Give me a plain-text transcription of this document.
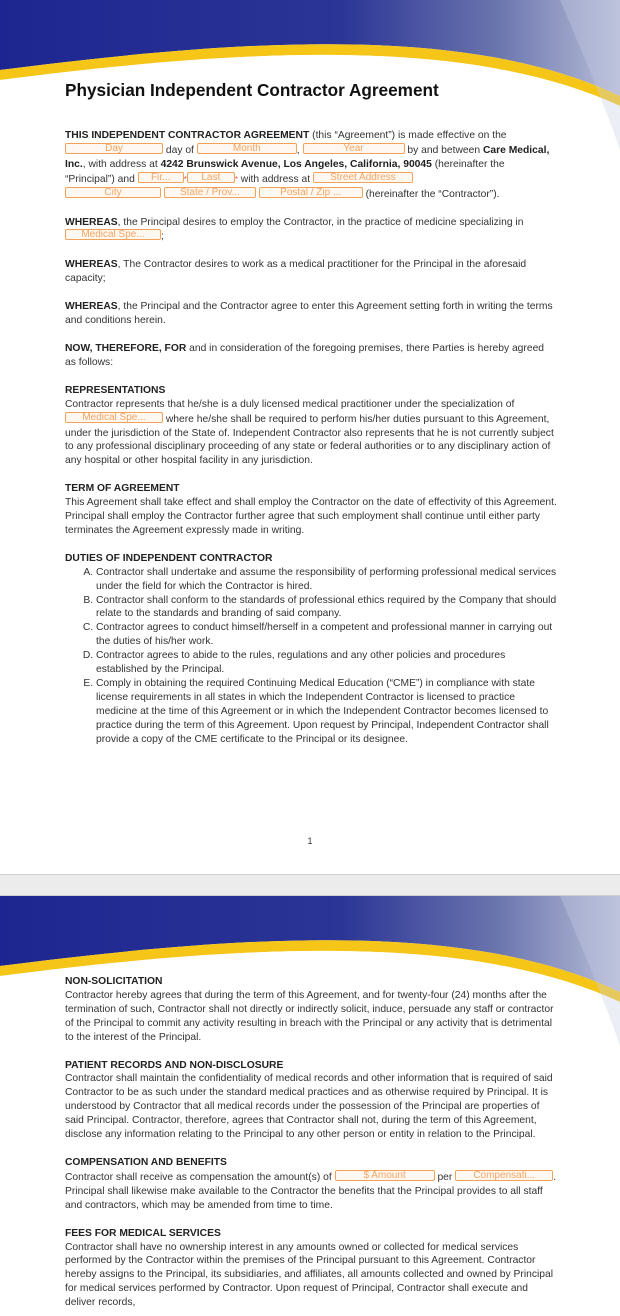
Physician Independent Contractor Agreement

THIS INDEPENDENT CONTRACTOR AGREEMENT (this “Agreement”) is made effective on the Day	day of	Month	,	Year	by and between Care Medical, Inc., with address at 4242 Brunswick Avenue, Los Angeles, California, 90045 (hereinafter the “Principal”) and Fir... * Last * with address at Street Address
City	State / Prov...	Postal / Zip ... (hereinafter the “Contractor”).

WHEREAS, the Principal desires to employ the Contractor, in the practice of medicine specializing in Medical Spe... ;

WHEREAS, The Contractor desires to work as a medical practitioner for the Principal in the aforesaid capacity;

WHEREAS, the Principal and the Contractor agree to enter this Agreement setting forth in writing the terms and conditions herein.

NOW, THEREFORE, FOR and in consideration of the foregoing premises, there Parties is hereby agreed as follows:

REPRESENTATIONS
Contractor represents that he/she is a duly licensed medical practitioner under the specialization of Medical Spe... where he/she shall be required to perform his/her duties pursuant to this Agreement, under the jurisdiction of the State of. Independent Contractor also represents that he is not currently subject to any professional disciplinary proceeding of any state or federal authorities or to any disciplinary action of any hospital or other hospital facility in any jurisdiction.
TERM OF AGREEMENT
This Agreement shall take effect and shall employ the Contractor on the date of effectivity of this Agreement. Principal shall employ the Contractor further agree that such employment shall continue until either party terminates the Agreement expressly made in writing.
DUTIES OF INDEPENDENT CONTRACTOR
A. Contractor shall undertake and assume the responsibility of performing professional medical services under the field for which the Contractor is hired.
B. Contractor shall conform to the standards of professional ethics required by the Company that should relate to the standards and branding of said company.
C. Contractor agrees to conduct himself/herself in a competent and professional manner in carrying out the duties of his/her work.
D. Contractor agrees to abide to the rules, regulations and any other policies and procedures established by the Principal.
E. Comply in obtaining the required Continuing Medical Education (“CME”) in compliance with state license requirements in all states in which the Independent Contractor is licensed to practice medicine at the time of this Agreement or in which the Independent Contractor becomes licensed to practice during the term of this Agreement. Upon request by Principal, Independent Contractor shall provide a copy of the CME certificate to the Principal or its designee.
1
NON-SOLICITATION
Contractor hereby agrees that during the term of this Agreement, and for twenty-four (24) months after the termination of such, Contractor shall not directly or indirectly solicit, induce, persuade any staff or contractor of the Principal to commit any activity resulting in breach with the Principal or any activity that is detrimental to the interest of the Principal.
PATIENT RECORDS AND NON-DISCLOSURE
Contractor shall maintain the confidentiality of medical records and other information that is required of said Contractor to be as such under the standard medical practices and as otherwise required by Principal. It is understood by Contractor that all medical records under the possession of the Principal are properties of said Principal. Contractor, therefore, agrees that Contractor shall not, during the term of this Agreement, disclose any information relating to the Principal to any other person or entity in relation to the Principal.
COMPENSATION AND BENEFITS
Contractor shall receive as compensation the amount(s) of	$ Amount	per Compensati... . Principal shall likewise make available to the Contractor the benefits that the Principal provides to all staff and contractors, which may be amended from time to time.
FEES FOR MEDICAL SERVICES
Contractor shall have no ownership interest in any amounts owned or collected for medical services performed by the Contractor within the premises of the Principal pursuant to this Agreement. Contractor hereby assigns to the Principal, its subsidiaries, and affiliates, all amounts collected and owned by Principal for medical services performed by Contractor. Upon request of Principal, Contractor shall execute and deliver records,
